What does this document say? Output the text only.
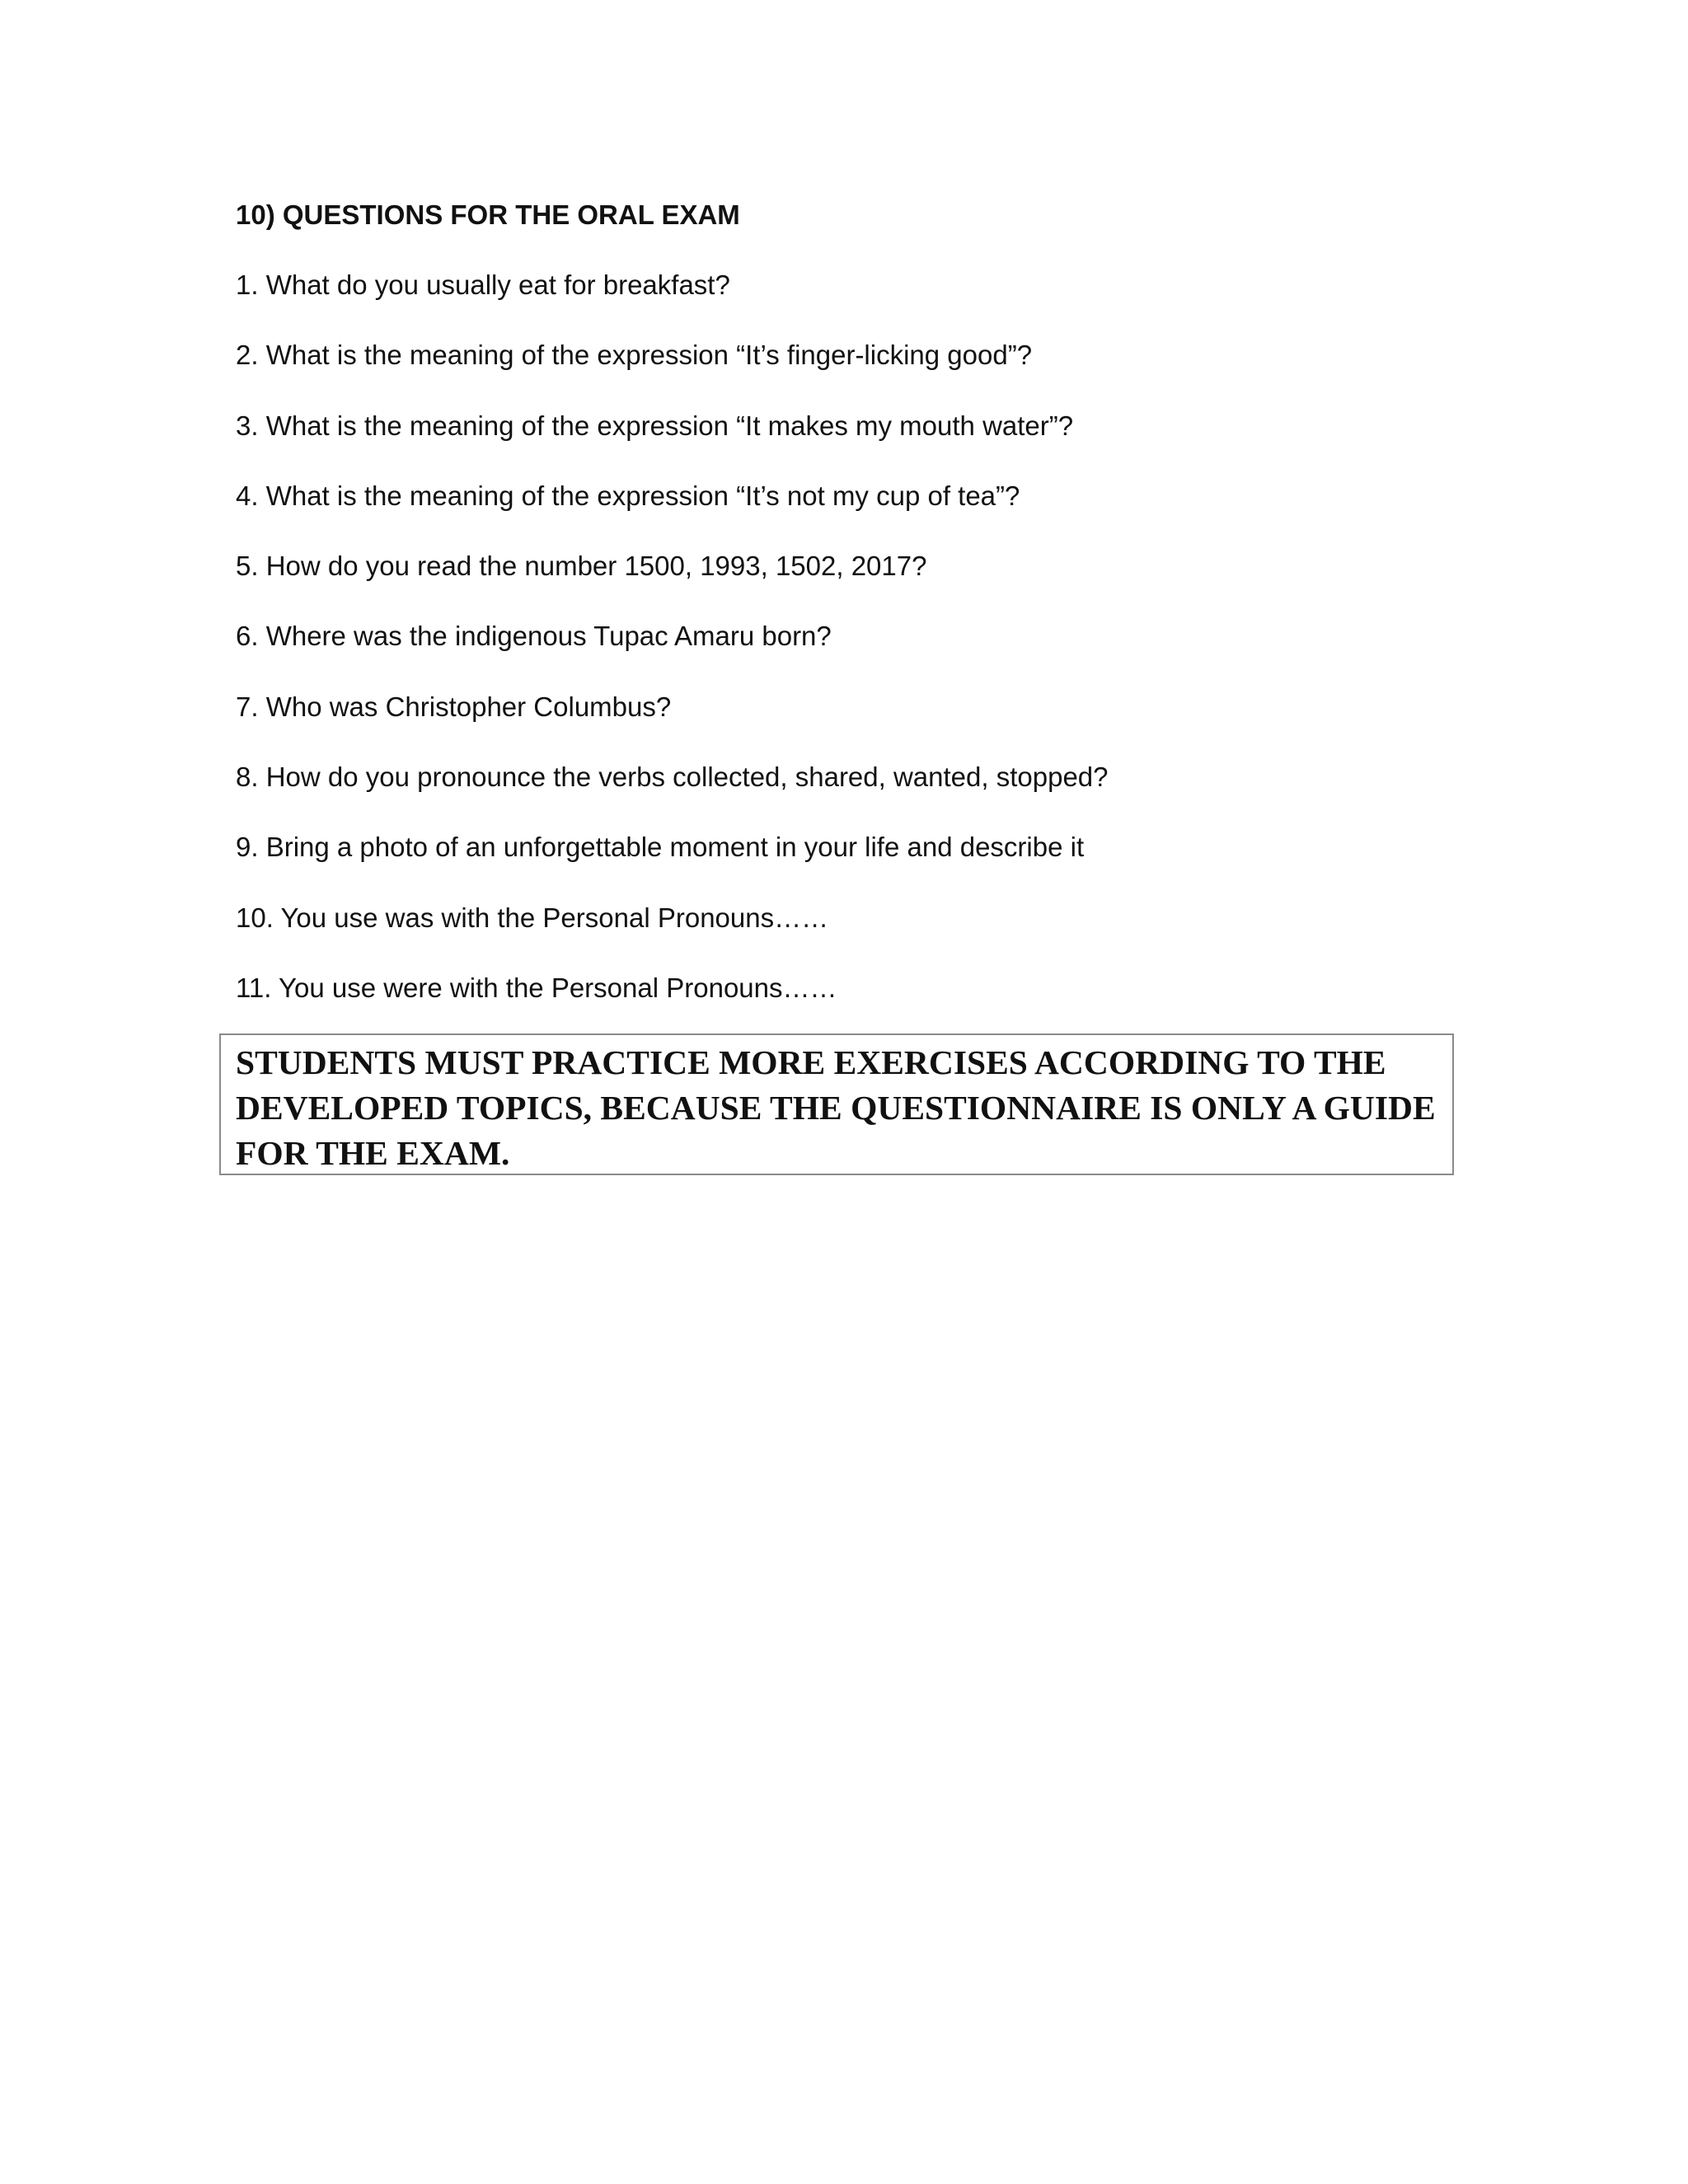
10) QUESTIONS FOR THE ORAL EXAM
1. What do you usually eat for breakfast?
2. What is the meaning of the expression “It’s finger-licking good”?
3. What is the meaning of the expression “It makes my mouth water”?
4. What is the meaning of the expression “It’s not my cup of tea”?
5. How do you read the number 1500, 1993, 1502, 2017?
6. Where was the indigenous Tupac Amaru born?
7. Who was Christopher Columbus?
8. How do you pronounce the verbs collected, shared, wanted, stopped?
9. Bring a photo of an unforgettable moment in your life and describe it
10. You use was with the Personal Pronouns……
11. You use were with the Personal Pronouns……

STUDENTS MUST PRACTICE MORE EXERCISES ACCORDING TO THE DEVELOPED TOPICS, BECAUSE THE QUESTIONNAIRE IS ONLY A GUIDE FOR THE EXAM.
